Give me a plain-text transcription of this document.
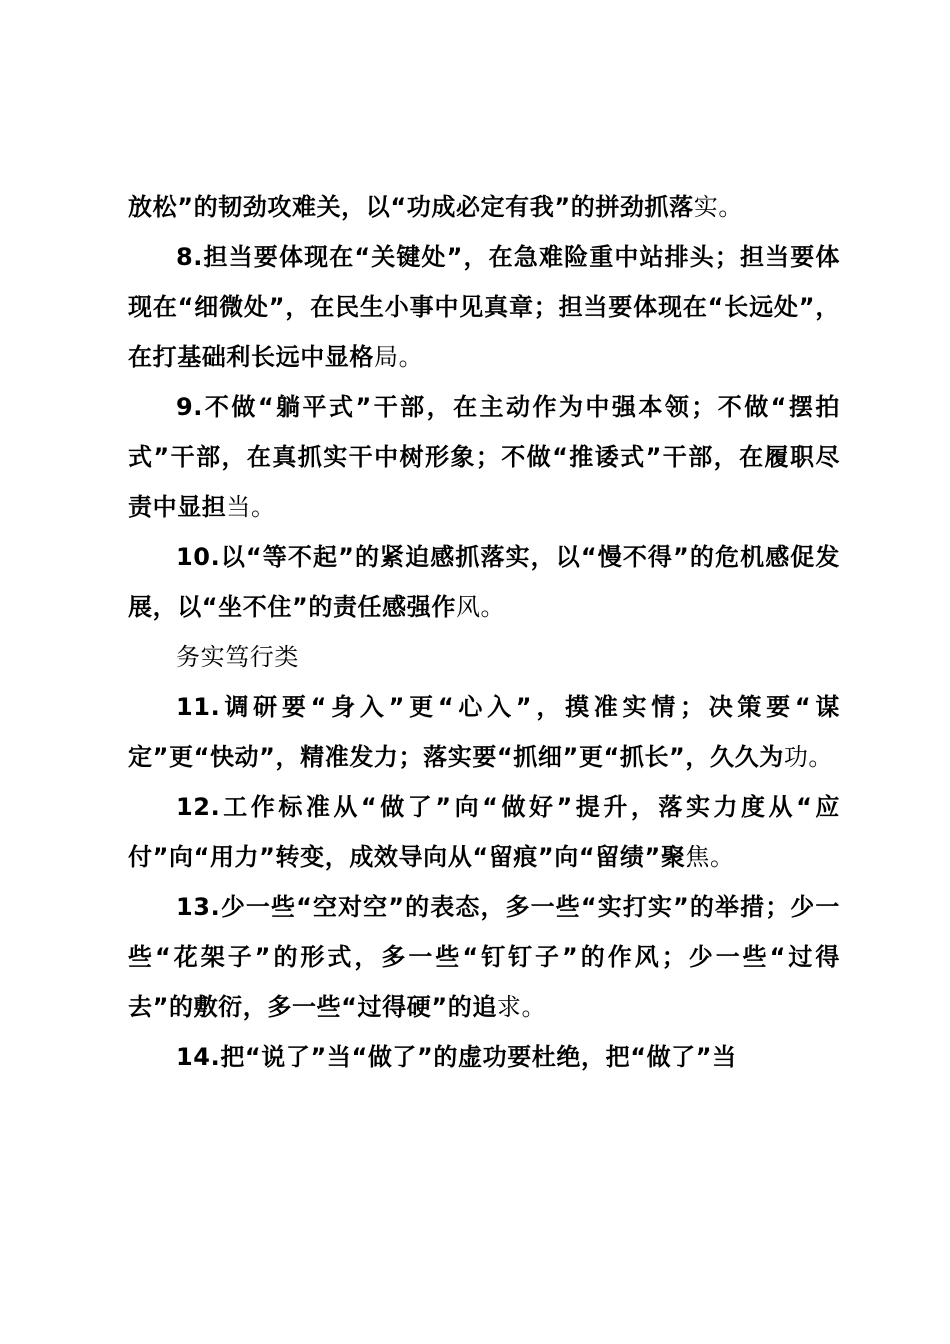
放松”的韧劲攻难关，以“功成必定有我”的拼劲抓落实。

8.担当要体现在“关键处”，在急难险重中站排头；担当要体现在“细微处”，在民生小事中见真章；担当要体现在“长远处”，在打基础利长远中显格局。

9.不做“躺平式”干部，在主动作为中强本领；不做“摆拍式”干部，在真抓实干中树形象；不做“推诿式”干部，在履职尽责中显担当。

10.以“等不起”的紧迫感抓落实，以“慢不得”的危机感促发展，以“坐不住”的责任感强作风。

务实笃行类

11.调研要“身入”更“心入”，摸准实情；决策要“谋定”更“快动”，精准发力；落实要“抓细”更“抓长”，久久为功。

12.工作标准从“做了”向“做好”提升，落实力度从“应付”向“用力”转变，成效导向从“留痕”向“留绩”聚焦。

13.少一些“空对空”的表态，多一些“实打实”的举措；少一些“花架子”的形式，多一些“钉钉子”的作风；少一些“过得去”的敷衍，多一些“过得硬”的追求。

14.把“说了”当“做了”的虚功要杜绝，把“做了”当
